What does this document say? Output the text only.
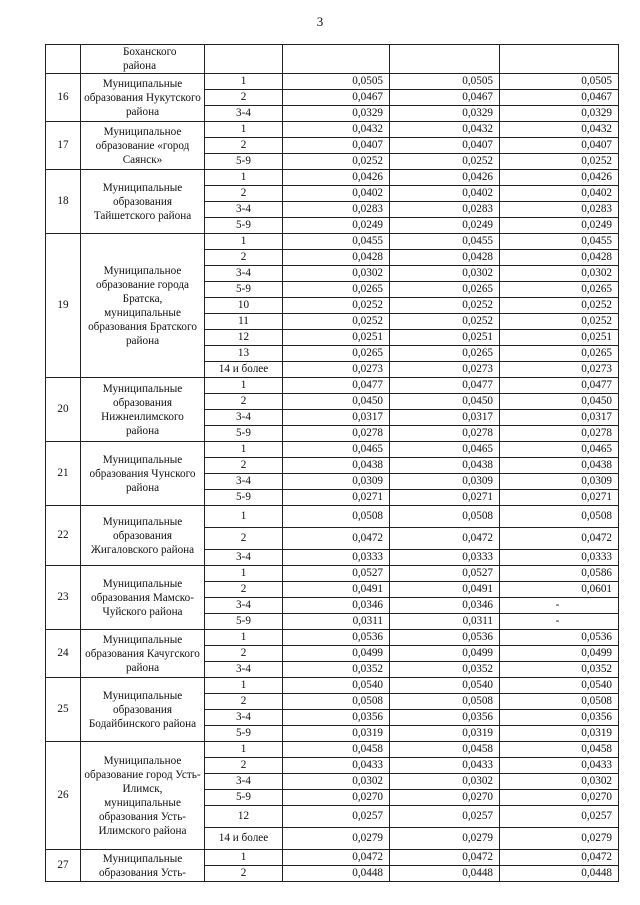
3
	Боханского района				
16	Муниципальные образования Нукутского района	1	0,0505	0,0505	0,0505
		2	0,0467	0,0467	0,0467
		3-4	0,0329	0,0329	0,0329
17	Муниципальное образование «город Саянск»	1	0,0432	0,0432	0,0432
		2	0,0407	0,0407	0,0407
		5-9	0,0252	0,0252	0,0252
18	Муниципальные образования Тайшетского района	1	0,0426	0,0426	0,0426
		2	0,0402	0,0402	0,0402
		3-4	0,0283	0,0283	0,0283
		5-9	0,0249	0,0249	0,0249
19	Муниципальное образование города Братска, муниципальные образования Братского района	1	0,0455	0,0455	0,0455
		2	0,0428	0,0428	0,0428
		3-4	0,0302	0,0302	0,0302
		5-9	0,0265	0,0265	0,0265
		10	0,0252	0,0252	0,0252
		11	0,0252	0,0252	0,0252
		12	0,0251	0,0251	0,0251
		13	0,0265	0,0265	0,0265
		14 и более	0,0273	0,0273	0,0273
20	Муниципальные образования Нижнеилимского района	1	0,0477	0,0477	0,0477
		2	0,0450	0,0450	0,0450
		3-4	0,0317	0,0317	0,0317
		5-9	0,0278	0,0278	0,0278
21	Муниципальные образования Чунского района	1	0,0465	0,0465	0,0465
		2	0,0438	0,0438	0,0438
		3-4	0,0309	0,0309	0,0309
		5-9	0,0271	0,0271	0,0271
22	Муниципальные образования Жигаловского района	1	0,0508	0,0508	0,0508
		2	0,0472	0,0472	0,0472
		3-4	0,0333	0,0333	0,0333
23	Муниципальные образования Мамско-Чуйского района	1	0,0527	0,0527	0,0586
		2	0,0491	0,0491	0,0601
		3-4	0,0346	0,0346	-
		5-9	0,0311	0,0311	-
24	Муниципальные образования Качугского района	1	0,0536	0,0536	0,0536
		2	0,0499	0,0499	0,0499
		3-4	0,0352	0,0352	0,0352
25	Муниципальные образования Бодайбинского района	1	0,0540	0,0540	0,0540
		2	0,0508	0,0508	0,0508
		3-4	0,0356	0,0356	0,0356
		5-9	0,0319	0,0319	0,0319
26	Муниципальное образование город Усть-Илимск, муниципальные образования Усть-Илимского района	1	0,0458	0,0458	0,0458
		2	0,0433	0,0433	0,0433
		3-4	0,0302	0,0302	0,0302
		5-9	0,0270	0,0270	0,0270
		12	0,0257	0,0257	0,0257
		14 и более	0,0279	0,0279	0,0279
27	Муниципальные образования Усть-	1	0,0472	0,0472	0,0472
		2	0,0448	0,0448	0,0448
